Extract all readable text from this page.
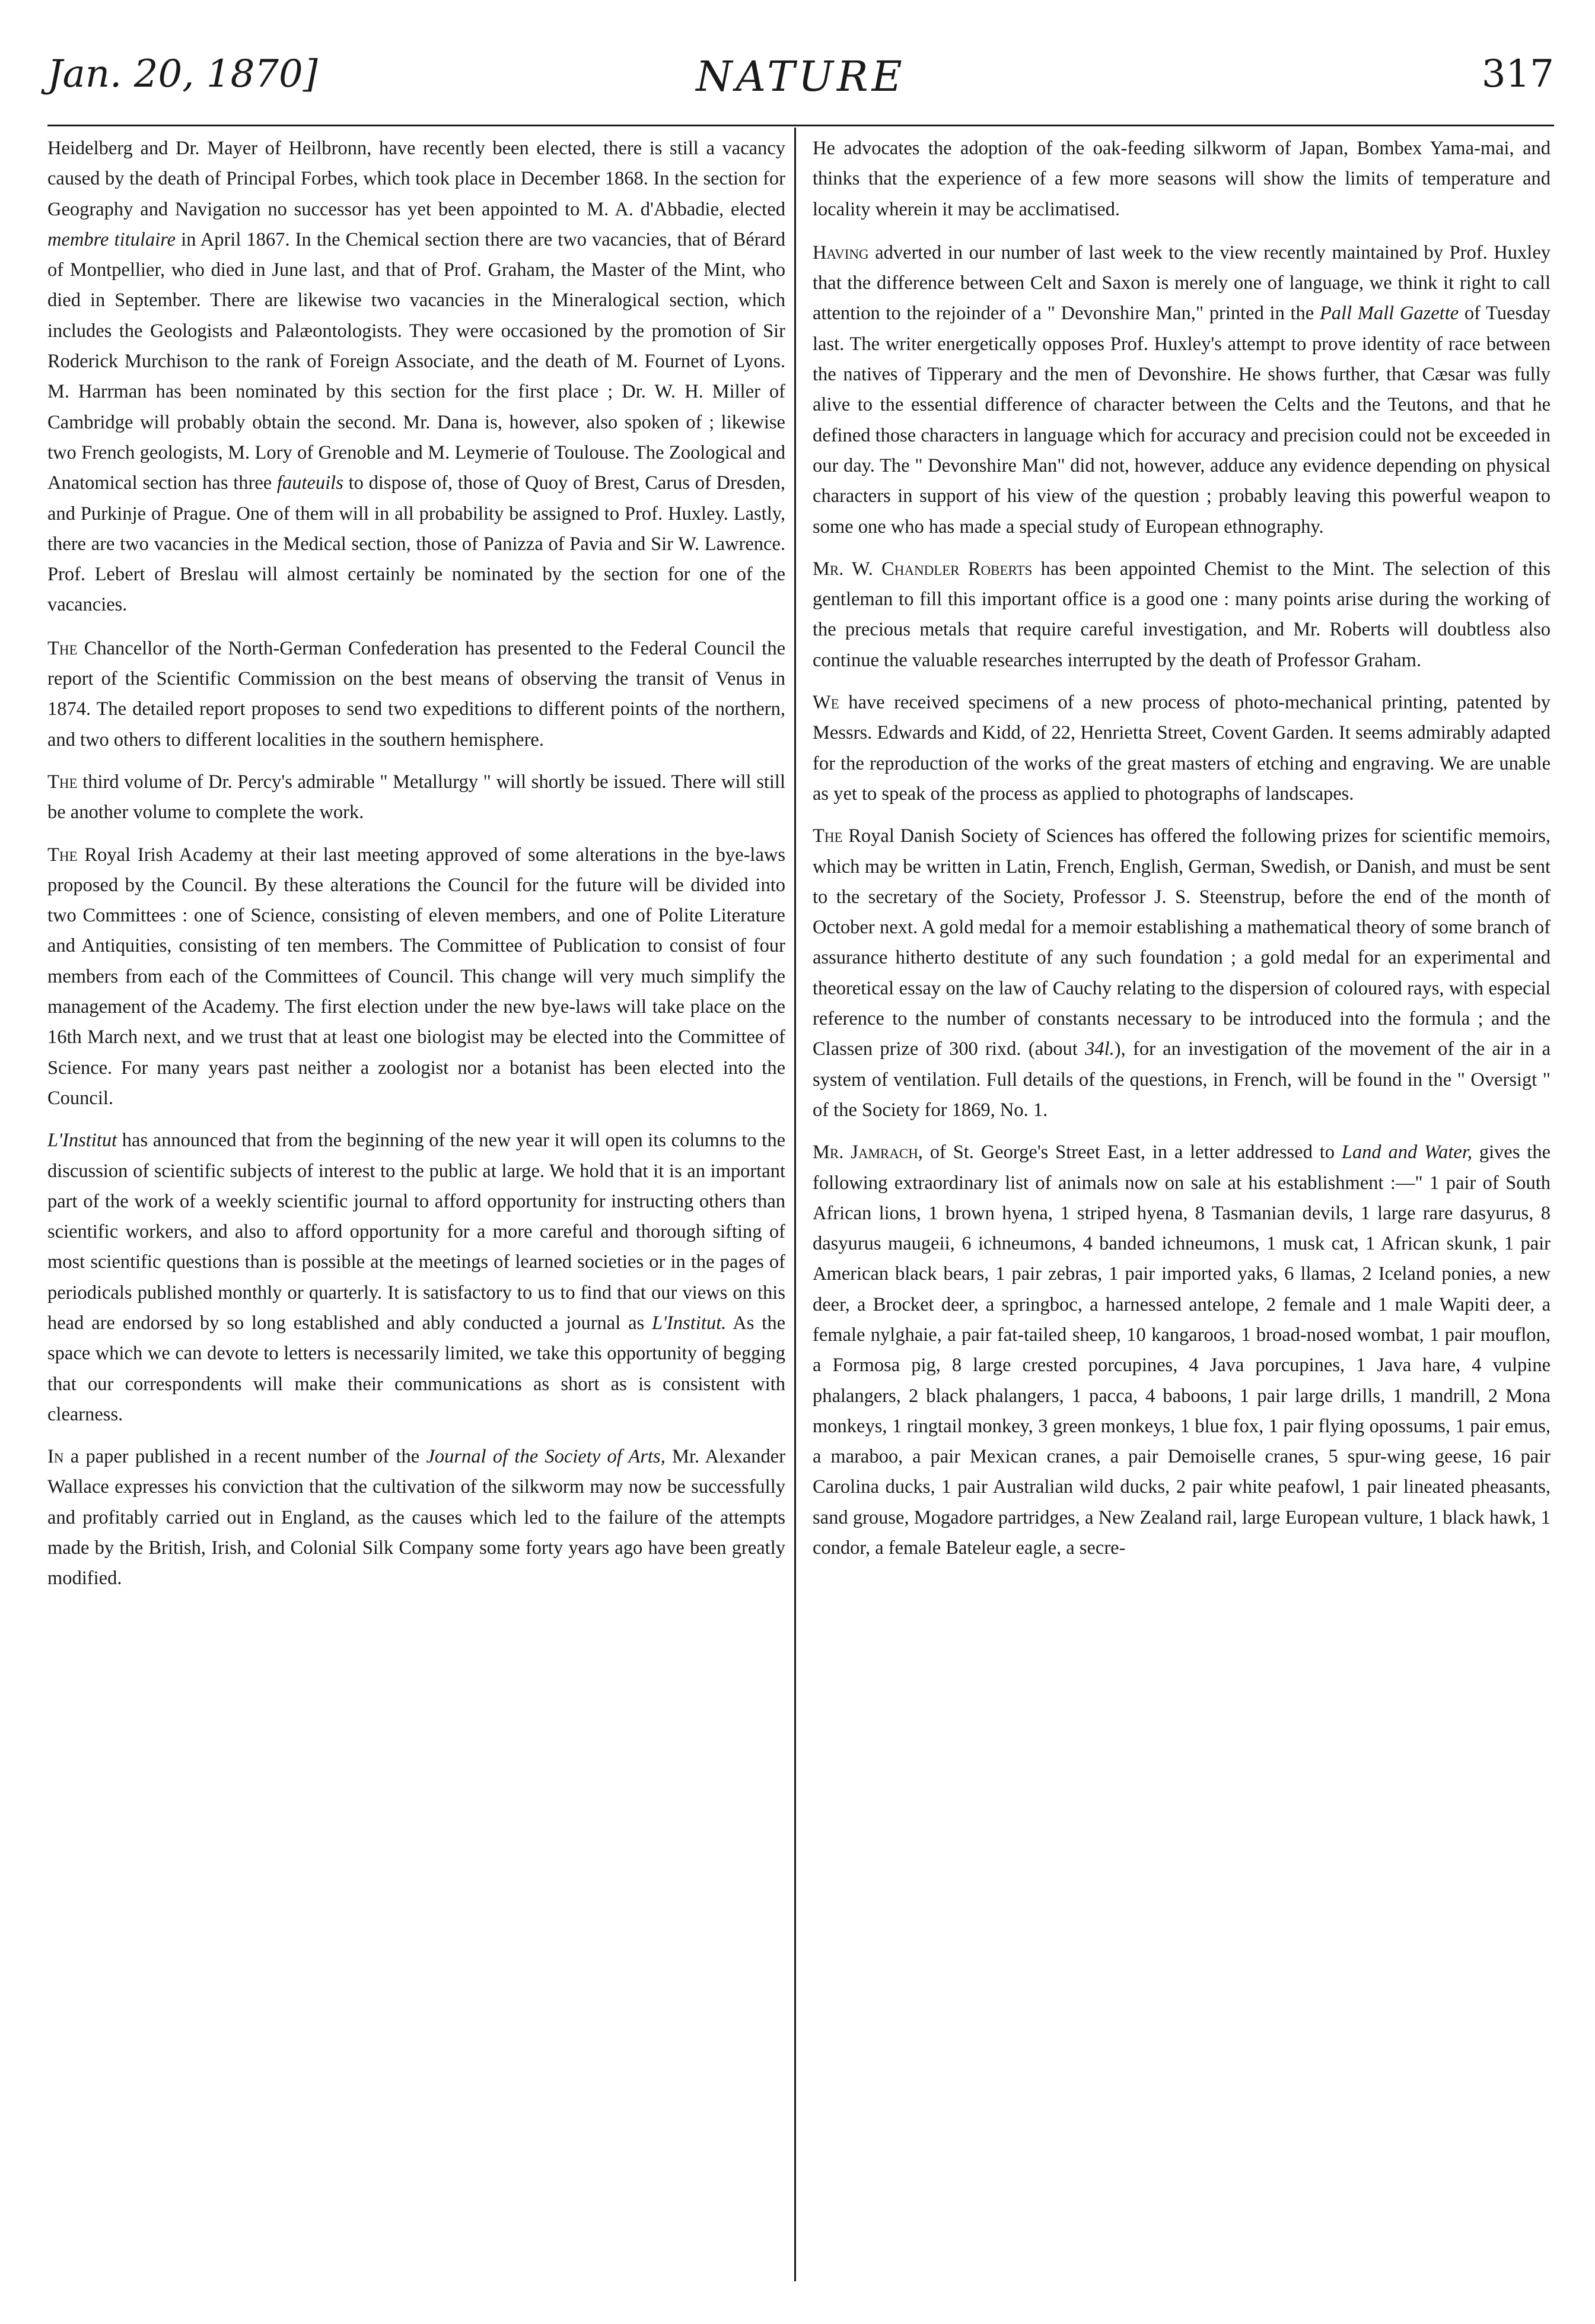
Jan. 20, 1870]	NATURE	317

Heidelberg and Dr. Mayer of Heilbronn, have recently been elected, there is still a vacancy caused by the death of Principal Forbes, which took place in December 1868. In the section for Geography and Navigation no successor has yet been appointed to M. A. d'Abbadie, elected membre titulaire in April 1867. In the Chemical section there are two vacancies, that of Bérard of Montpellier, who died in June last, and that of Prof. Graham, the Master of the Mint, who died in September. There are likewise two vacancies in the Mineralogical section, which includes the Geologists and Palæontologists. They were occasioned by the promotion of Sir Roderick Murchison to the rank of Foreign Associate, and the death of M. Fournet of Lyons. M. Harrman has been nominated by this section for the first place ; Dr. W. H. Miller of Cambridge will probably obtain the second. Mr. Dana is, however, also spoken of ; likewise two French geologists, M. Lory of Grenoble and M. Leymerie of Toulouse. The Zoological and Anatomical section has three fauteuils to dispose of, those of Quoy of Brest, Carus of Dresden, and Purkinje of Prague. One of them will in all probability be assigned to Prof. Huxley. Lastly, there are two vacancies in the Medical section, those of Panizza of Pavia and Sir W. Lawrence. Prof. Lebert of Breslau will almost certainly be nominated by the section for one of the vacancies.

The Chancellor of the North-German Confederation has presented to the Federal Council the report of the Scientific Commission on the best means of observing the transit of Venus in 1874. The detailed report proposes to send two expeditions to different points of the northern, and two others to different localities in the southern hemisphere.

The third volume of Dr. Percy's admirable " Metallurgy " will shortly be issued. There will still be another volume to complete the work.

The Royal Irish Academy at their last meeting approved of some alterations in the bye-laws proposed by the Council. By these alterations the Council for the future will be divided into two Committees : one of Science, consisting of eleven members, and one of Polite Literature and Antiquities, consisting of ten members. The Committee of Publication to consist of four members from each of the Committees of Council. This change will very much simplify the management of the Academy. The first election under the new bye-laws will take place on the 16th March next, and we trust that at least one biologist may be elected into the Committee of Science. For many years past neither a zoologist nor a botanist has been elected into the Council.

L'Institut has announced that from the beginning of the new year it will open its columns to the discussion of scientific subjects of interest to the public at large. We hold that it is an important part of the work of a weekly scientific journal to afford opportunity for instructing others than scientific workers, and also to afford opportunity for a more careful and thorough sifting of most scientific questions than is possible at the meetings of learned societies or in the pages of periodicals published monthly or quarterly. It is satisfactory to us to find that our views on this head are endorsed by so long established and ably conducted a journal as L'Institut. As the space which we can devote to letters is necessarily limited, we take this opportunity of begging that our correspondents will make their communications as short as is consistent with clearness.

In a paper published in a recent number of the Journal of the Society of Arts, Mr. Alexander Wallace expresses his conviction that the cultivation of the silkworm may now be successfully and profitably carried out in England, as the causes which led to the failure of the attempts made by the British, Irish, and Colonial Silk Company some forty years ago have been greatly modified.

He advocates the adoption of the oak-feeding silkworm of Japan, Bombex Yama-mai, and thinks that the experience of a few more seasons will show the limits of temperature and locality wherein it may be acclimatised.

Having adverted in our number of last week to the view recently maintained by Prof. Huxley that the difference between Celt and Saxon is merely one of language, we think it right to call attention to the rejoinder of a " Devonshire Man," printed in the Pall Mall Gazette of Tuesday last. The writer energetically opposes Prof. Huxley's attempt to prove identity of race between the natives of Tipperary and the men of Devonshire. He shows further, that Cæsar was fully alive to the essential difference of character between the Celts and the Teutons, and that he defined those characters in language which for accuracy and precision could not be exceeded in our day. The " Devonshire Man" did not, however, adduce any evidence depending on physical characters in support of his view of the question ; probably leaving this powerful weapon to some one who has made a special study of European ethnography.

Mr. W. Chandler Roberts has been appointed Chemist to the Mint. The selection of this gentleman to fill this important office is a good one : many points arise during the working of the precious metals that require careful investigation, and Mr. Roberts will doubtless also continue the valuable researches interrupted by the death of Professor Graham.

We have received specimens of a new process of photo-mechanical printing, patented by Messrs. Edwards and Kidd, of 22, Henrietta Street, Covent Garden. It seems admirably adapted for the reproduction of the works of the great masters of etching and engraving. We are unable as yet to speak of the process as applied to photographs of landscapes.

The Royal Danish Society of Sciences has offered the following prizes for scientific memoirs, which may be written in Latin, French, English, German, Swedish, or Danish, and must be sent to the secretary of the Society, Professor J. S. Steenstrup, before the end of the month of October next. A gold medal for a memoir establishing a mathematical theory of some branch of assurance hitherto destitute of any such foundation ; a gold medal for an experimental and theoretical essay on the law of Cauchy relating to the dispersion of coloured rays, with especial reference to the number of constants necessary to be introduced into the formula ; and the Classen prize of 300 rixd. (about 34l.), for an investigation of the movement of the air in a system of ventilation. Full details of the questions, in French, will be found in the " Oversigt " of the Society for 1869, No. 1.

Mr. Jamrach, of St. George's Street East, in a letter addressed to Land and Water, gives the following extraordinary list of animals now on sale at his establishment :—" 1 pair of South African lions, 1 brown hyena, 1 striped hyena, 8 Tasmanian devils, 1 large rare dasyurus, 8 dasyurus maugeii, 6 ichneumons, 4 banded ichneumons, 1 musk cat, 1 African skunk, 1 pair American black bears, 1 pair zebras, 1 pair imported yaks, 6 llamas, 2 Iceland ponies, a new deer, a Brocket deer, a springboc, a harnessed antelope, 2 female and 1 male Wapiti deer, a female nylghaie, a pair fat-tailed sheep, 10 kangaroos, 1 broad-nosed wombat, 1 pair mouflon, a Formosa pig, 8 large crested porcupines, 4 Java porcupines, 1 Java hare, 4 vulpine phalangers, 2 black phalangers, 1 pacca, 4 baboons, 1 pair large drills, 1 mandrill, 2 Mona monkeys, 1 ringtail monkey, 3 green monkeys, 1 blue fox, 1 pair flying opossums, 1 pair emus, a maraboo, a pair Mexican cranes, a pair Demoiselle cranes, 5 spur-wing geese, 16 pair Carolina ducks, 1 pair Australian wild ducks, 2 pair white peafowl, 1 pair lineated pheasants, sand grouse, Mogadore partridges, a New Zealand rail, large European vulture, 1 black hawk, 1 condor, a female Bateleur eagle, a secre-
